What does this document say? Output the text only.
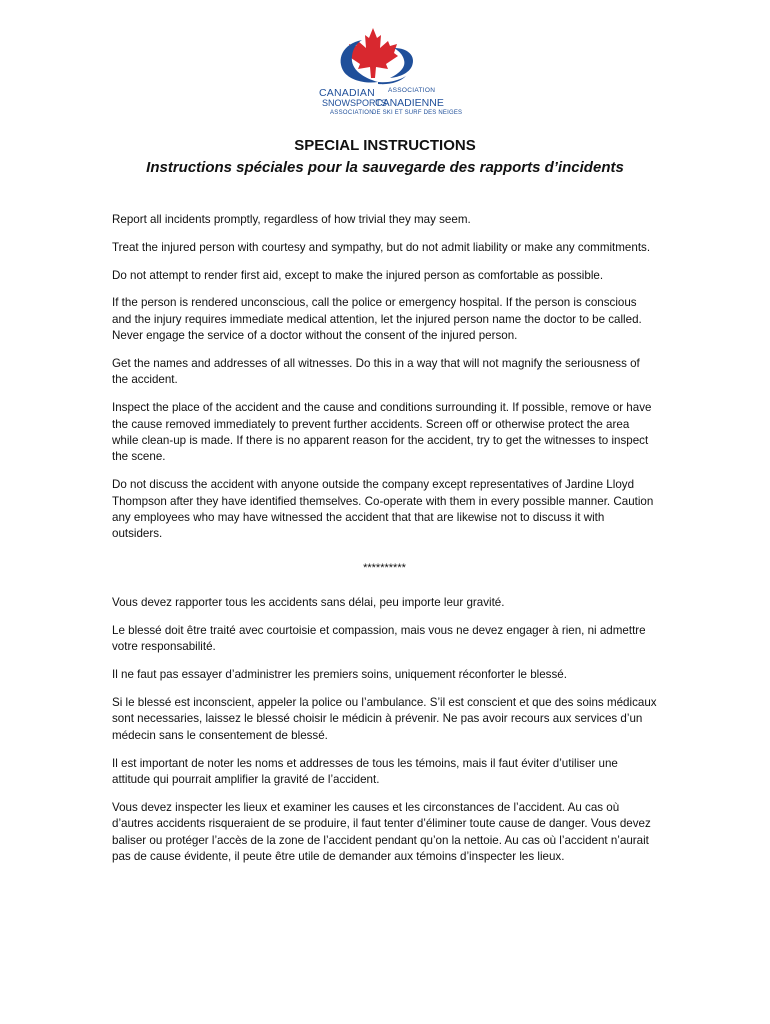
CANADIAN
SNOWSPORTS
ASSOCIATION
ASSOCIATION
CANADIENNE
DE SKI ET SURF DES NEIGES
SPECIAL INSTRUCTIONS
Instructions spéciales pour la sauvegarde des rapports d’incidents

Report all incidents promptly, regardless of how trivial they may seem.

Treat the injured person with courtesy and sympathy, but do not admit liability or make any commitments.

Do not attempt to render first aid, except to make the injured person as comfortable as possible.

If the person is rendered unconscious, call the police or emergency hospital. If the person is conscious and the injury requires immediate medical attention, let the injured person name the doctor to be called. Never engage the service of a doctor without the consent of the injured person.

Get the names and addresses of all witnesses. Do this in a way that will not magnify the seriousness of the accident.

Inspect the place of the accident and the cause and conditions surrounding it. If possible, remove or have the cause removed immediately to prevent further accidents. Screen off or otherwise protect the area while clean-up is made. If there is no apparent reason for the accident, try to get the witnesses to inspect the scene.

Do not discuss the accident with anyone outside the company except representatives of Jardine Lloyd Thompson after they have identified themselves. Co-operate with them in every possible manner. Caution any employees who may have witnessed the accident that that are likewise not to discuss it with outsiders.

**********

Vous devez rapporter tous les accidents sans délai, peu importe leur gravité.

Le blessé doit être traité avec courtoisie et compassion, mais vous ne devez engager à rien, ni admettre votre responsabilité.

Il ne faut pas essayer d’administrer les premiers soins, uniquement réconforter le blessé.

Si le blessé est inconscient, appeler la police ou l’ambulance. S’il est conscient et que des soins médicaux sont necessaries, laissez le blessé choisir le médicin à prévenir. Ne pas avoir recours aux services d’un médecin sans le consentement de blessé.

Il est important de noter les noms et addresses de tous les témoins, mais il faut éviter d’utiliser une attitude qui pourrait amplifier la gravité de l’accident.

Vous devez inspecter les lieux et examiner les causes et les circonstances de l’accident. Au cas où d’autres accidents risqueraient de se produire, il faut tenter d’éliminer toute cause de danger. Vous devez baliser ou protéger l’accès de la zone de l’accident pendant qu’on la nettoie. Au cas où l’accident n’aurait pas de cause évidente, il peute être utile de demander aux témoins d’inspecter les lieux.
